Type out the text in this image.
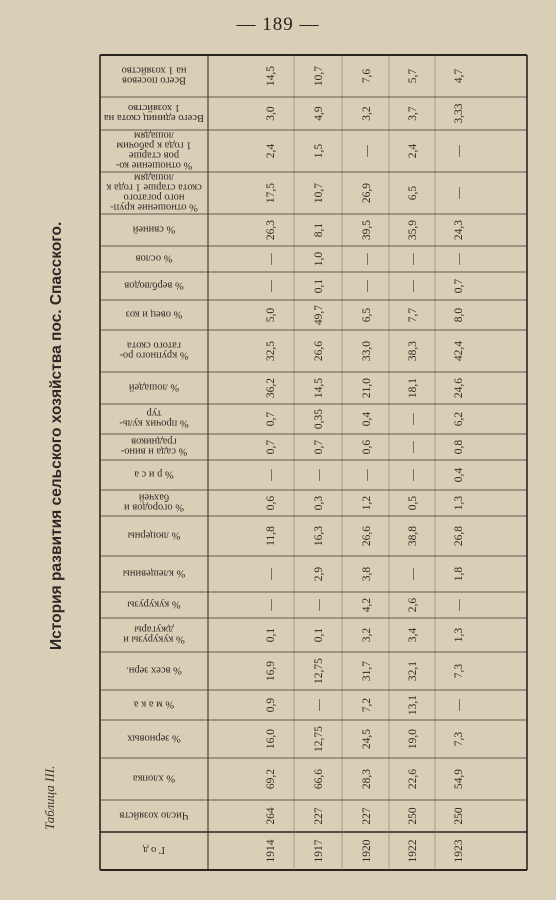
— 189 —
Таблица III.
История развития сельского хозяйства пос. Спасского.
Число хозяйств	264	227	227	250	250
% хлопка	69,2	66,6	28,3	22,6	54,9
% зерновых	16,0	12,75	24,5	19,0	7,3
% м а к а	0,9	—	7,2	13,1	—
% всех зерн.	16,9	12,75	31,7	32,1	7,3
% кукурузы и
джугары	0,1	0,1	3,2	3,4	1,3
% кукурузы	—	—	4,2	2,6	—
% клещевины	—	2,9	3,8	—	1,8
% люцерны	11,8	16,3	26,6	38,8	26,8
% огородов и
бахчей	0,6	0,3	1,2	0,5	1,3
% р и с а	—	—	—	—	0,4
% сада и вино-
градников	0,7	0,7	0,6	—	0,8
% прочих куль-
тур	0,7	0,35	0,4	—	6,2
% лошадей	36,2	14,5	21,0	18,1	24,6
% крупного ро-
гатого скота	32,5	26,6	33,0	38,3	42,4
% овец и коз	5,0	49,7	6,5	7,7	8,0
% верблюдов	—	0,1	—	—	0,7
% ослов	—	1,0	—	—	—
% свиней	26,3	8,1	39,5	35,9	24,3
% отношение круп-
ного рогатого
скота старше 1 года к
лошадям
17,5	10,7	26,9	6,5	—
% отношение ко-
ров старше
1 года к рабочим
лошадям
2,4	1,5	—	2,4	—
Всего единиц скота на
1 хозяйство	3,0	4,9	3,2	3,7	3,33
Всего посевов
на 1 хозяйство	14,5	10,7	7,6	5,7	4,7
Г о д	1914	1917	1920	1922	1923
